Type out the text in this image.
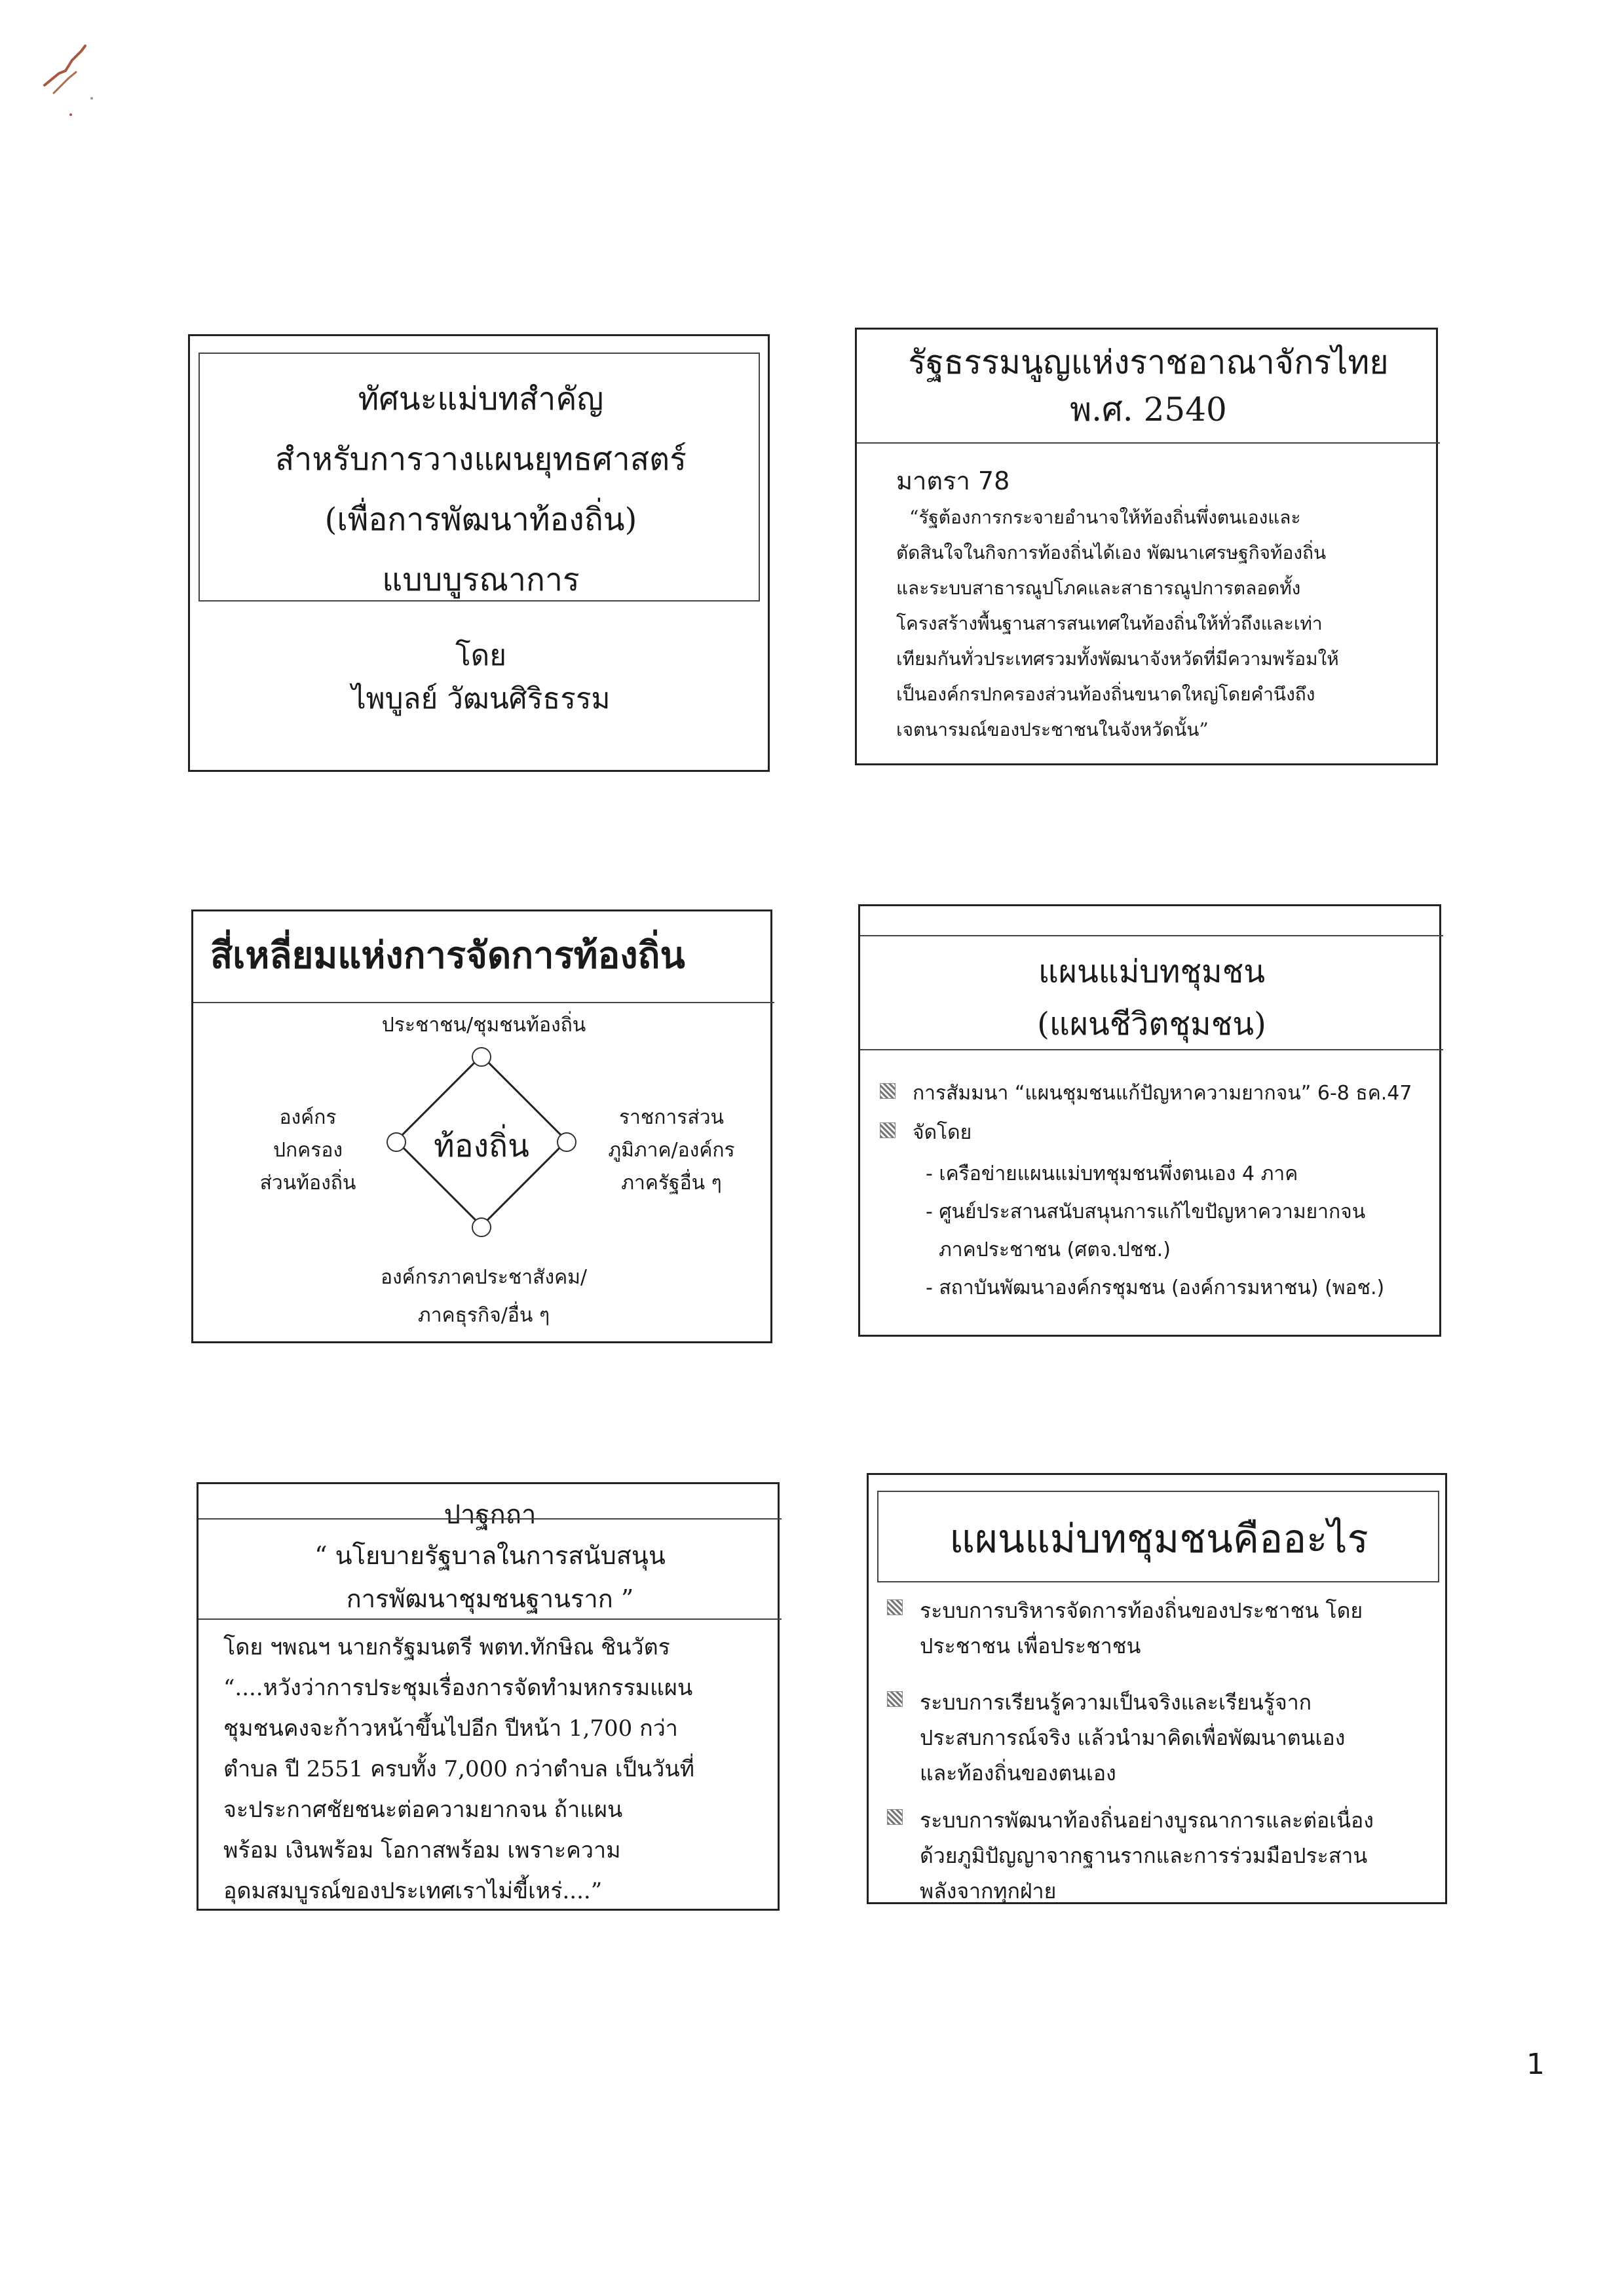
ทัศนะแม่บทสำคัญ
สำหรับการวางแผนยุทธศาสตร์
(เพื่อการพัฒนาท้องถิ่น)
แบบบูรณาการ
โดย
ไพบูลย์ วัฒนศิริธรรม
รัฐธรรมนูญแห่งราชอาณาจักรไทย
พ.ศ. 2540
มาตรา 78
“รัฐต้องการกระจายอำนาจให้ท้องถิ่นพึ่งตนเองและ
ตัดสินใจในกิจการท้องถิ่นได้เอง พัฒนาเศรษฐกิจท้องถิ่น
และระบบสาธารณูปโภคและสาธารณูปการตลอดทั้ง
โครงสร้างพื้นฐานสารสนเทศในท้องถิ่นให้ทั่วถึงและเท่า
เทียมกันทั่วประเทศรวมทั้งพัฒนาจังหวัดที่มีความพร้อมให้
เป็นองค์กรปกครองส่วนท้องถิ่นขนาดใหญ่โดยคำนึงถึง
เจตนารมณ์ของประชาชนในจังหวัดนั้น”
สี่เหลี่ยมแห่งการจัดการท้องถิ่น
ประชาชน/ชุมชนท้องถิ่น
ท้องถิ่น
องค์กร
ปกครอง
ส่วนท้องถิ่น
ราชการส่วน
ภูมิภาค/องค์กร
ภาครัฐอื่น ๆ
องค์กรภาคประชาสังคม/
ภาคธุรกิจ/อื่น ๆ
แผนแม่บทชุมชน
(แผนชีวิตชุมชน)
การสัมมนา “แผนชุมชนแก้ปัญหาความยากจน” 6-8 ธค.47
จัดโดย
- เครือข่ายแผนแม่บทชุมชนพึ่งตนเอง 4 ภาค
- ศูนย์ประสานสนับสนุนการแก้ไขปัญหาความยากจน
ภาคประชาชน (ศตจ.ปชช.)
- สถาบันพัฒนาองค์กรชุมชน (องค์การมหาชน) (พอช.)
ปาฐกถา
“ นโยบายรัฐบาลในการสนับสนุน
การพัฒนาชุมชนฐานราก ”
โดย ฯพณฯ นายกรัฐมนตรี พตท.ทักษิณ ชินวัตร
“....หวังว่าการประชุมเรื่องการจัดทำมหกรรมแผน
ชุมชนคงจะก้าวหน้าขึ้นไปอีก ปีหน้า 1,700 กว่า
ตำบล ปี 2551 ครบทั้ง 7,000 กว่าตำบล เป็นวันที่
จะประกาศชัยชนะต่อความยากจน ถ้าแผน
พร้อม เงินพร้อม โอกาสพร้อม เพราะความ
อุดมสมบูรณ์ของประเทศเราไม่ขี้เหร่....”
แผนแม่บทชุมชนคืออะไร
ระบบการบริหารจัดการท้องถิ่นของประชาชน โดย
ประชาชน เพื่อประชาชน
ระบบการเรียนรู้ความเป็นจริงและเรียนรู้จาก
ประสบการณ์จริง แล้วนำมาคิดเพื่อพัฒนาตนเอง
และท้องถิ่นของตนเอง
ระบบการพัฒนาท้องถิ่นอย่างบูรณาการและต่อเนื่อง
ด้วยภูมิปัญญาจากฐานรากและการร่วมมือประสาน
พลังจากทุกฝ่าย
1
